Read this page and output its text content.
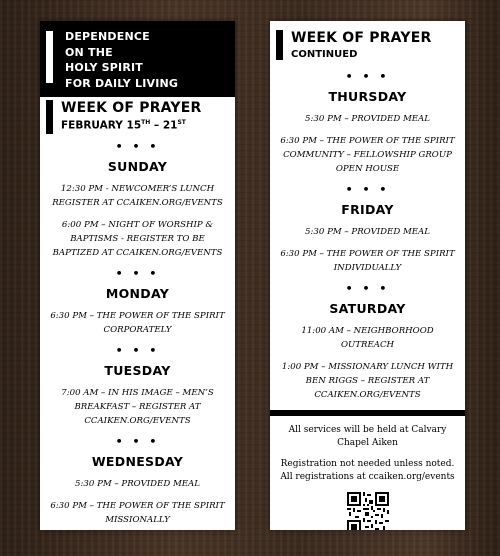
DEPENDENCE
ON THE
HOLY SPIRIT
FOR DAILY LIVING
WEEK OF PRAYER
FEBRUARY 15TH – 21ST
• • •
SUNDAY
12:30 PM - NEWCOMER’S LUNCH REGISTER AT CCAIKEN.ORG/EVENTS
6:00 PM – NIGHT OF WORSHIP & BAPTISMS - REGISTER TO BE BAPTIZED AT CCAIKEN.ORG/EVENTS
• • •
MONDAY
6:30 PM – THE POWER OF THE SPIRIT CORPORATELY
• • •
TUESDAY
7:00 AM – IN HIS IMAGE – MEN’S BREAKFAST – REGISTER AT CCAIKEN.ORG/EVENTS
• • •
WEDNESDAY
5:30 PM – PROVIDED MEAL
6:30 PM – THE POWER OF THE SPIRIT MISSIONALLY
WEEK OF PRAYER
CONTINUED
• • •
THURSDAY
5:30 PM – PROVIDED MEAL
6:30 PM – THE POWER OF THE SPIRIT COMMUNITY – FELLOWSHIP GROUP OPEN HOUSE
• • •
FRIDAY
5:30 PM – PROVIDED MEAL
6:30 PM – THE POWER OF THE SPIRIT INDIVIDUALLY
• • •
SATURDAY
11:00 AM – NEIGHBORHOOD OUTREACH
1:00 PM – MISSIONARY LUNCH WITH BEN RIGGS – REGISTER AT CCAIKEN.ORG/EVENTS
All services will be held at Calvary Chapel Aiken
Registration not needed unless noted. All registrations at ccaiken.org/events
